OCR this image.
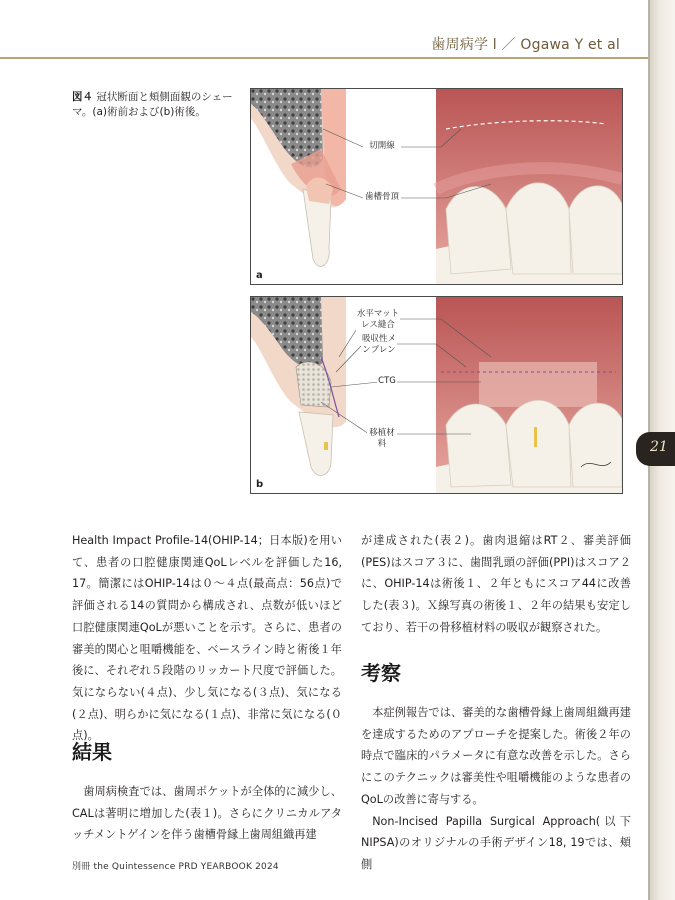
歯周病学 l ／ Ogawa Y et al
21
図４ 冠状断面と頬側面観のシェーマ。(a)術前および(b)術後。
切開線
歯槽骨頂
a
水平マットレス縫合
吸収性メンブレン
CTG
移植材料
b

Health Impact Profile-14(OHIP-14；日本版)を用いて、患者の口腔健康関連QoLレベルを評価した16, 17。簡潔にはOHIP-14は０～４点(最高点：56点)で評価される14の質問から構成され、点数が低いほど口腔健康関連QoLが悪いことを示す。さらに、患者の審美的関心と咀嚼機能を、ベースライン時と術後１年後に、それぞれ５段階のリッカート尺度で評価した。気にならない(４点)、少し気になる(３点)、気になる(２点)、明らかに気になる(１点)、非常に気になる(０点)。

結果

歯周病検査では、歯周ポケットが全体的に減少し、CALは著明に増加した(表１)。さらにクリニカルアタッチメントゲインを伴う歯槽骨縁上歯周組織再建

が達成された(表２)。歯肉退縮はRT２、審美評価(PES)はスコア３に、歯間乳頭の評価(PPI)はスコア２に、OHIP-14は術後１、２年ともにスコア44に改善した(表３)。Ｘ線写真の術後１、２年の結果も安定しており、若干の骨移植材料の吸収が観察された。

考察

本症例報告では、審美的な歯槽骨縁上歯周組織再建を達成するためのアプローチを提案した。術後２年の時点で臨床的パラメータに有意な改善を示した。さらにこのテクニックは審美性や咀嚼機能のような患者のQoLの改善に寄与する。

Non-Incised Papilla Surgical Approach(以下NIPSA)のオリジナルの手術デザイン18, 19では、頬側

別冊 the Quintessence PRD YEARBOOK 2024
